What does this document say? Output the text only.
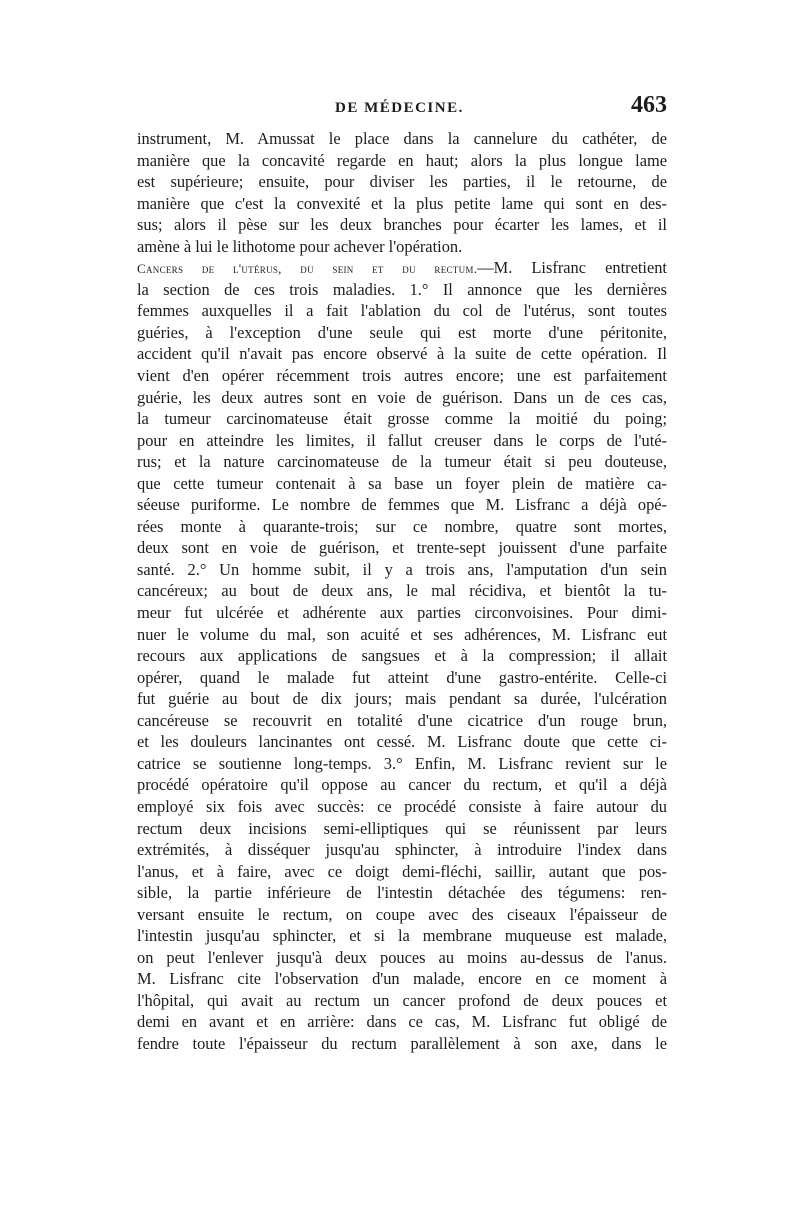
DE MÉDECINE.	463
instrument, M. Amussat le place dans la cannelure du cathéter, de
manière que la concavité regarde en haut; alors la plus longue lame
est supérieure; ensuite, pour diviser les parties, il le retourne, de
manière que c'est la convexité et la plus petite lame qui sont en des-
sus; alors il pèse sur les deux branches pour écarter les lames, et il
amène à lui le lithotome pour achever l'opération.
Cancers de l'utérus, du sein et du rectum.—M. Lisfranc entretient
la section de ces trois maladies. 1.° Il annonce que les dernières
femmes auxquelles il a fait l'ablation du col de l'utérus, sont toutes
guéries, à l'exception d'une seule qui est morte d'une péritonite,
accident qu'il n'avait pas encore observé à la suite de cette opération. Il
vient d'en opérer récemment trois autres encore; une est parfaitement
guérie, les deux autres sont en voie de guérison. Dans un de ces cas,
la tumeur carcinomateuse était grosse comme la moitié du poing;
pour en atteindre les limites, il fallut creuser dans le corps de l'uté-
rus; et la nature carcinomateuse de la tumeur était si peu douteuse,
que cette tumeur contenait à sa base un foyer plein de matière ca-
séeuse puriforme. Le nombre de femmes que M. Lisfranc a déjà opé-
rées monte à quarante-trois; sur ce nombre, quatre sont mortes,
deux sont en voie de guérison, et trente-sept jouissent d'une parfaite
santé. 2.° Un homme subit, il y a trois ans, l'amputation d'un sein
cancéreux; au bout de deux ans, le mal récidiva, et bientôt la tu-
meur fut ulcérée et adhérente aux parties circonvoisines. Pour dimi-
nuer le volume du mal, son acuité et ses adhérences, M. Lisfranc eut
recours aux applications de sangsues et à la compression; il allait
opérer, quand le malade fut atteint d'une gastro-entérite. Celle-ci
fut guérie au bout de dix jours; mais pendant sa durée, l'ulcération
cancéreuse se recouvrit en totalité d'une cicatrice d'un rouge brun,
et les douleurs lancinantes ont cessé. M. Lisfranc doute que cette ci-
catrice se soutienne long-temps. 3.° Enfin, M. Lisfranc revient sur le
procédé opératoire qu'il oppose au cancer du rectum, et qu'il a déjà
employé six fois avec succès: ce procédé consiste à faire autour du
rectum deux incisions semi-elliptiques qui se réunissent par leurs
extrémités, à disséquer jusqu'au sphincter, à introduire l'index dans
l'anus, et à faire, avec ce doigt demi-fléchi, saillir, autant que pos-
sible, la partie inférieure de l'intestin détachée des tégumens: ren-
versant ensuite le rectum, on coupe avec des ciseaux l'épaisseur de
l'intestin jusqu'au sphincter, et si la membrane muqueuse est malade,
on peut l'enlever jusqu'à deux pouces au moins au-dessus de l'anus.
M. Lisfranc cite l'observation d'un malade, encore en ce moment à
l'hôpital, qui avait au rectum un cancer profond de deux pouces et
demi en avant et en arrière: dans ce cas, M. Lisfranc fut obligé de
fendre toute l'épaisseur du rectum parallèlement à son axe, dans le
